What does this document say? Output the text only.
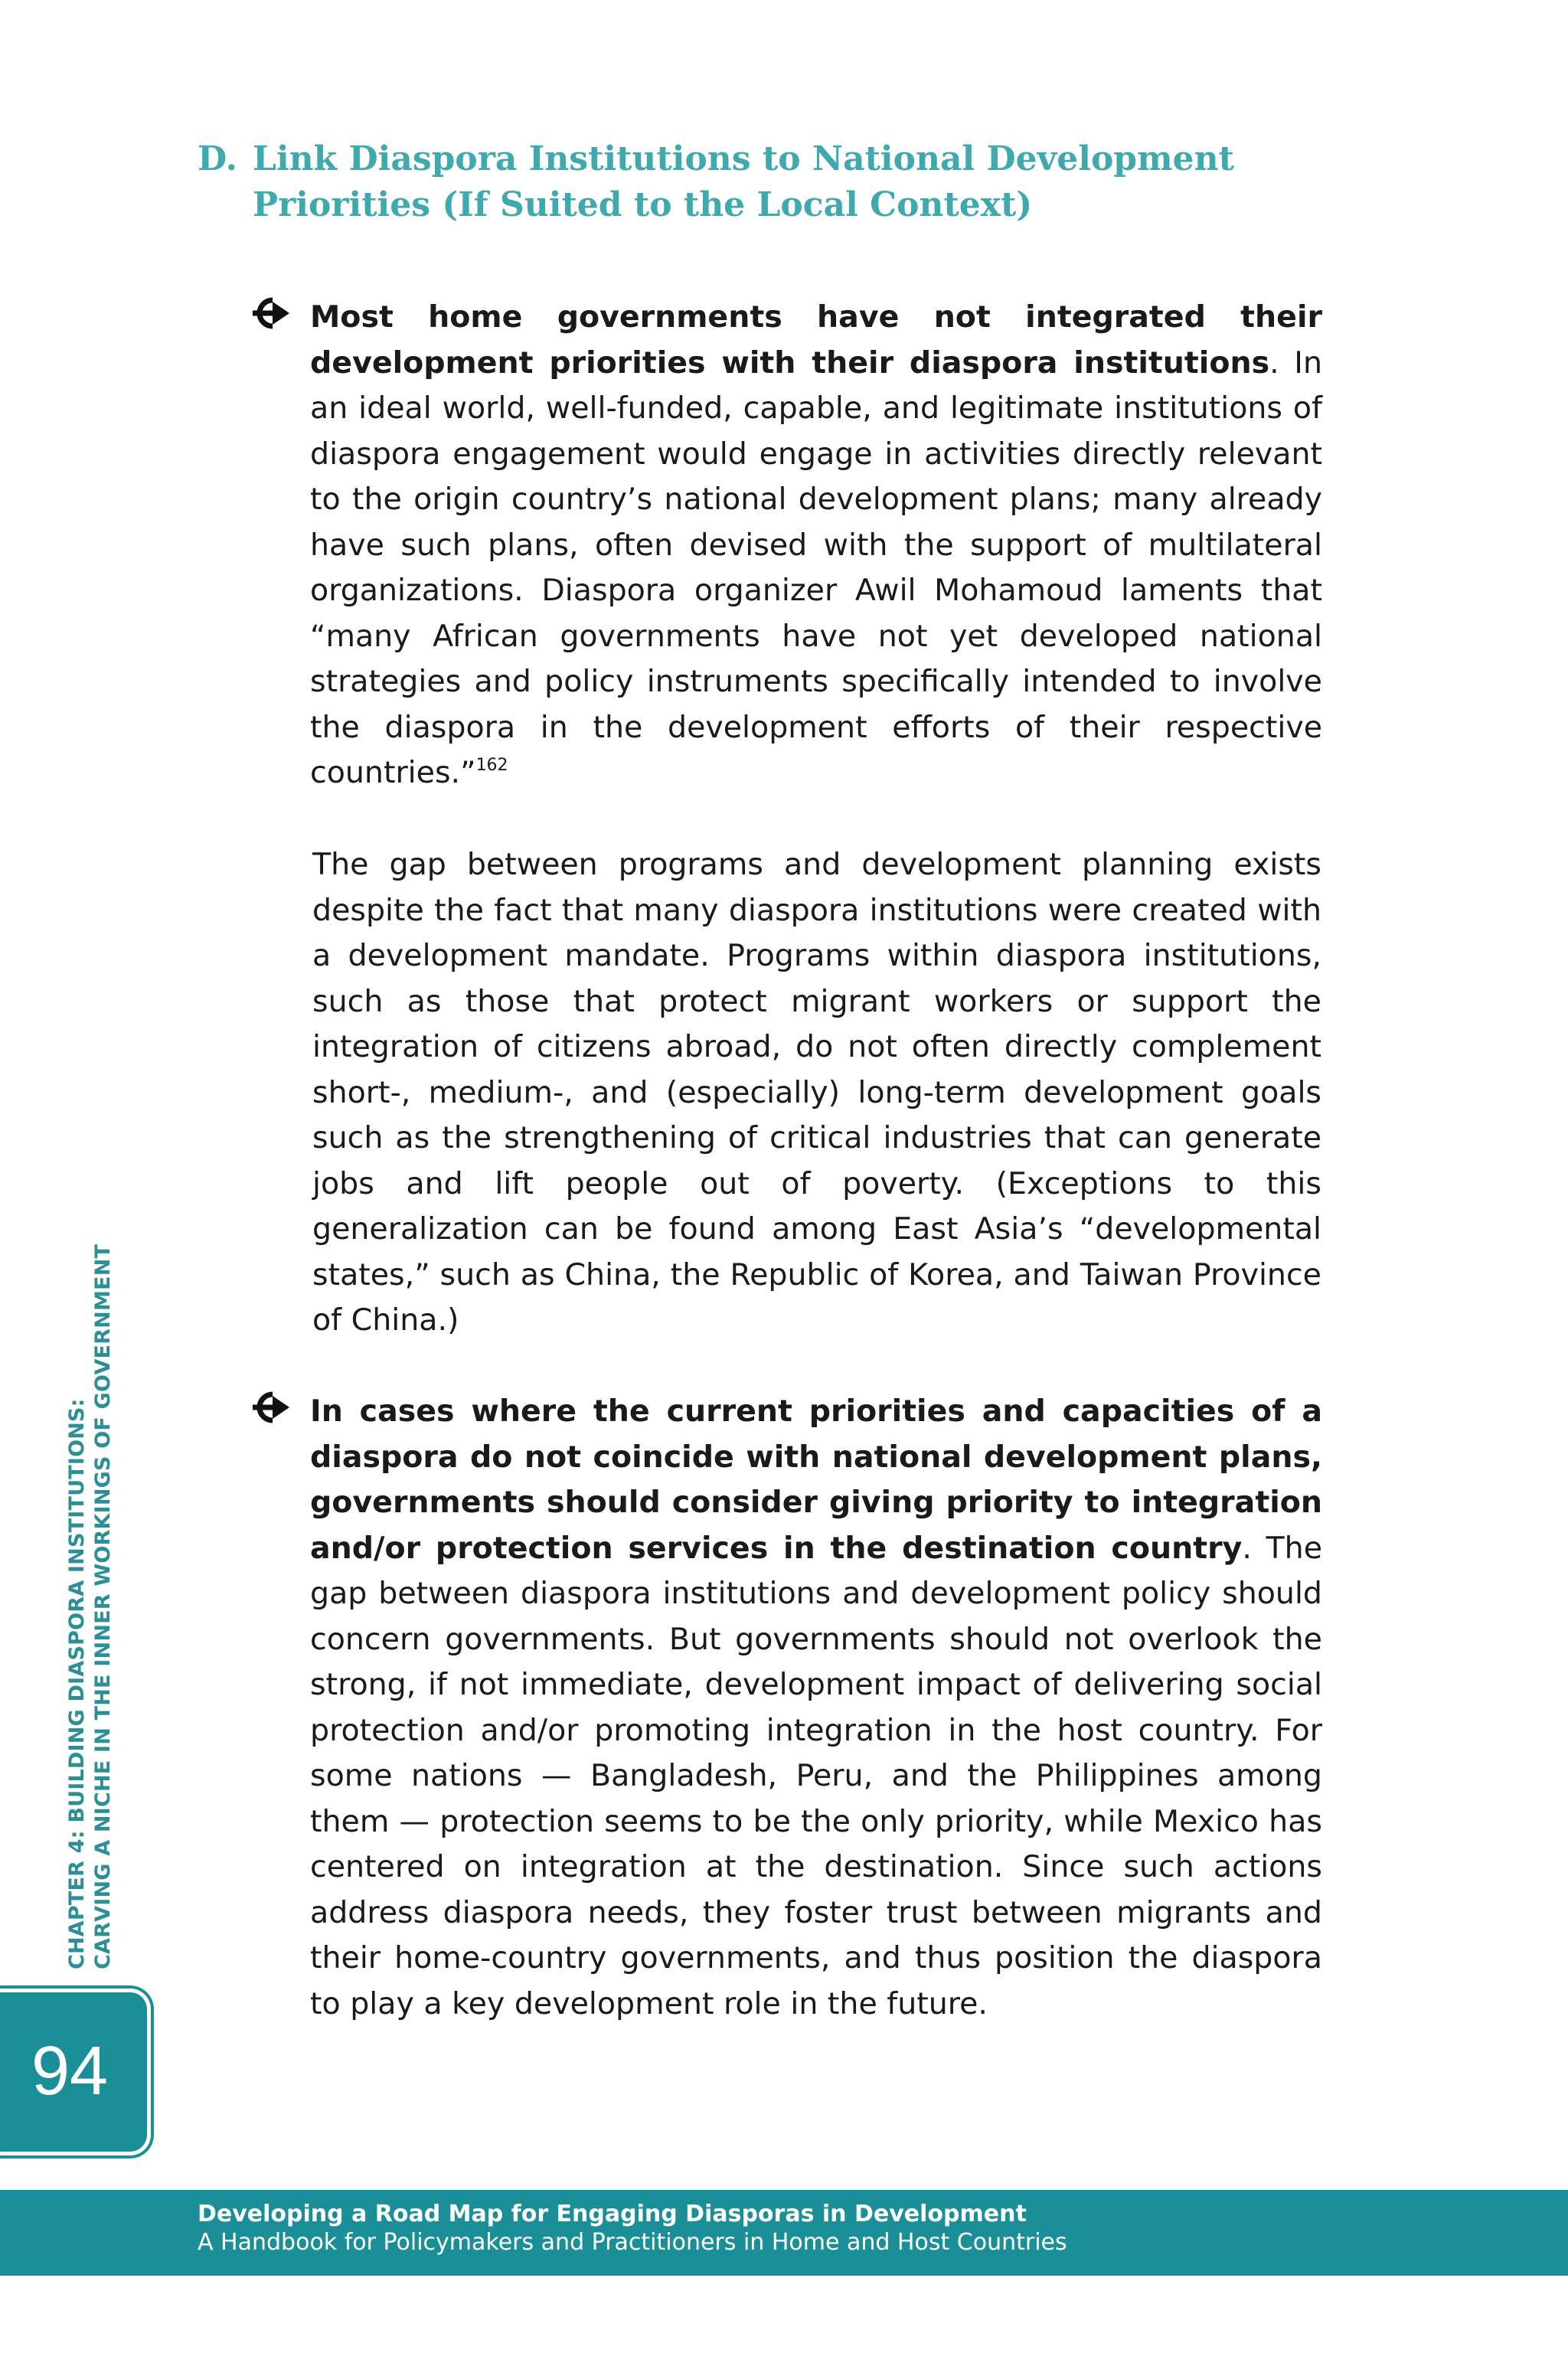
D. Link Diaspora Institutions to National Development
Priorities (If Suited to the Local Context)
Most home governments have not integrated their development priorities with their diaspora institutions. In an ideal world, well-funded, capable, and legitimate institutions of diaspora engagement would engage in activities directly relevant to the origin country’s national development plans; many already have such plans, often devised with the support of multilateral organizations. Diaspora organizer Awil Mohamoud laments that “many African governments have not yet developed national strategies and policy instruments specifically intended to involve the diaspora in the development efforts of their respective countries.”$^{162}$
The gap between programs and development planning exists despite the fact that many diaspora institutions were created with a development mandate. Programs within diaspora institutions, such as those that protect migrant workers or support the integration of citizens abroad, do not often directly complement short-, medium-, and (especially) long-term development goals such as the strengthening of critical industries that can generate jobs and lift people out of poverty. (Exceptions to this generalization can be found among East Asia’s “developmental states,” such as China, the Republic of Korea, and Taiwan Province of China.)
In cases where the current priorities and capacities of a diaspora do not coincide with national development plans, governments should consider giving priority to integration and/or protection services in the destination country. The gap between diaspora institutions and development policy should concern governments. But governments should not overlook the strong, if not immediate, development impact of delivering social protection and/or promoting integration in the host country. For some nations — Bangladesh, Peru, and the Philippines among them — protection seems to be the only priority, while Mexico has centered on integration at the destination. Since such actions address diaspora needs, they foster trust between migrants and their home-country governments, and thus position the diaspora to play a key development role in the future.
CHAPTER 4: BUILDING DIASPORA INSTITUTIONS: CARVING A NICHE IN THE INNER WORKINGS OF GOVERNMENT
94
Developing a Road Map for Engaging Diasporas in Development
A Handbook for Policymakers and Practitioners in Home and Host Countries
